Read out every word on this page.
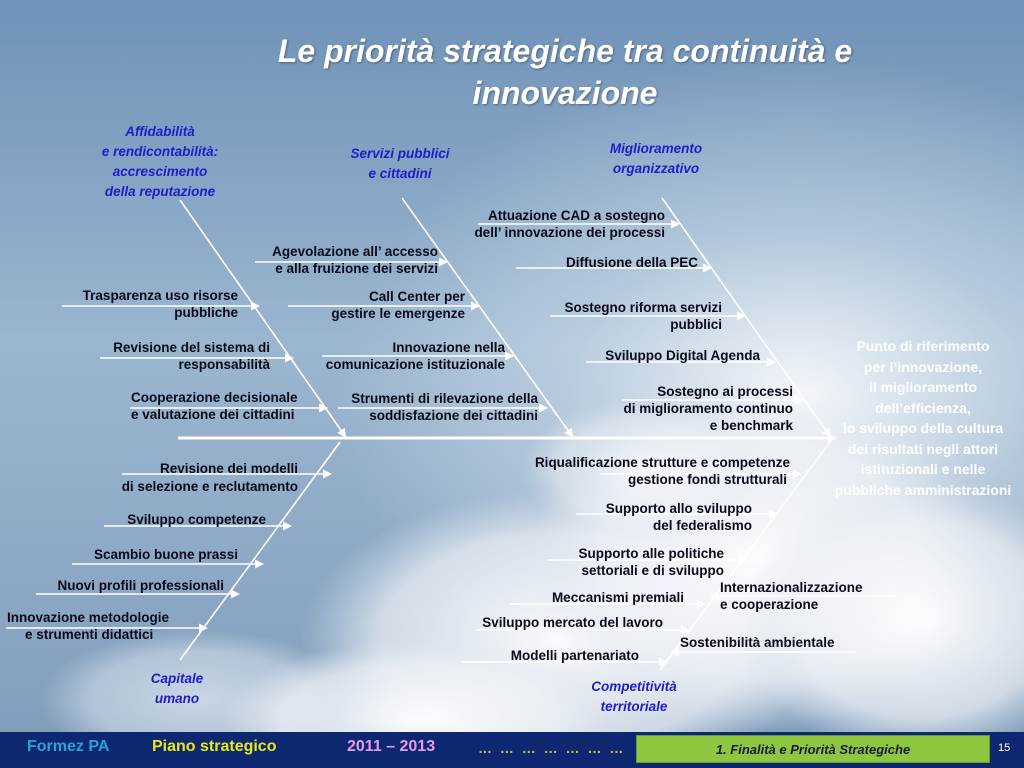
Le priorità strategiche tra continuità e
innovazione
Affidabilità
e rendicontabilità:
accrescimento
della reputazione
Servizi pubblici
e cittadini
Miglioramento
organizzativo
Capitale
umano
Competitività
territoriale
Trasparenza uso risorse
pubbliche
Revisione del sistema di
responsabilità
Cooperazione decisionale
e valutazione dei cittadini
Agevolazione all’ accesso
e alla fruizione dei servizi
Call Center per
gestire le emergenze
Innovazione nella
comunicazione istituzionale
Strumenti di rilevazione della
soddisfazione dei cittadini
Attuazione CAD a sostegno
dell’ innovazione dei processi
Diffusione della PEC
Sostegno riforma servizi
pubblici
Sviluppo Digital Agenda
Sostegno ai processi
di miglioramento continuo
e benchmark
Revisione dei modelli
di selezione e reclutamento
Sviluppo competenze
Scambio buone prassi
Nuovi profili professionali
Innovazione metodologie
e strumenti didattici
Riqualificazione strutture e competenze
gestione fondi strutturali
Supporto allo sviluppo
del federalismo
Supporto alle politiche
settoriali e di sviluppo
Internazionalizzazione
e cooperazione
Meccanismi premiali
Sviluppo mercato del lavoro
Sostenibilità ambientale
Modelli partenariato
Punto di riferimento
per l’innovazione,
il miglioramento
dell’efficienza,
lo sviluppo della cultura
dei risultati negli attori
istituzionali e nelle
pubbliche amministrazioni
Formez PA	Piano strategico	2011 – 2013	… … … … … … …	1. Finalità e Priorità Strategiche	15
